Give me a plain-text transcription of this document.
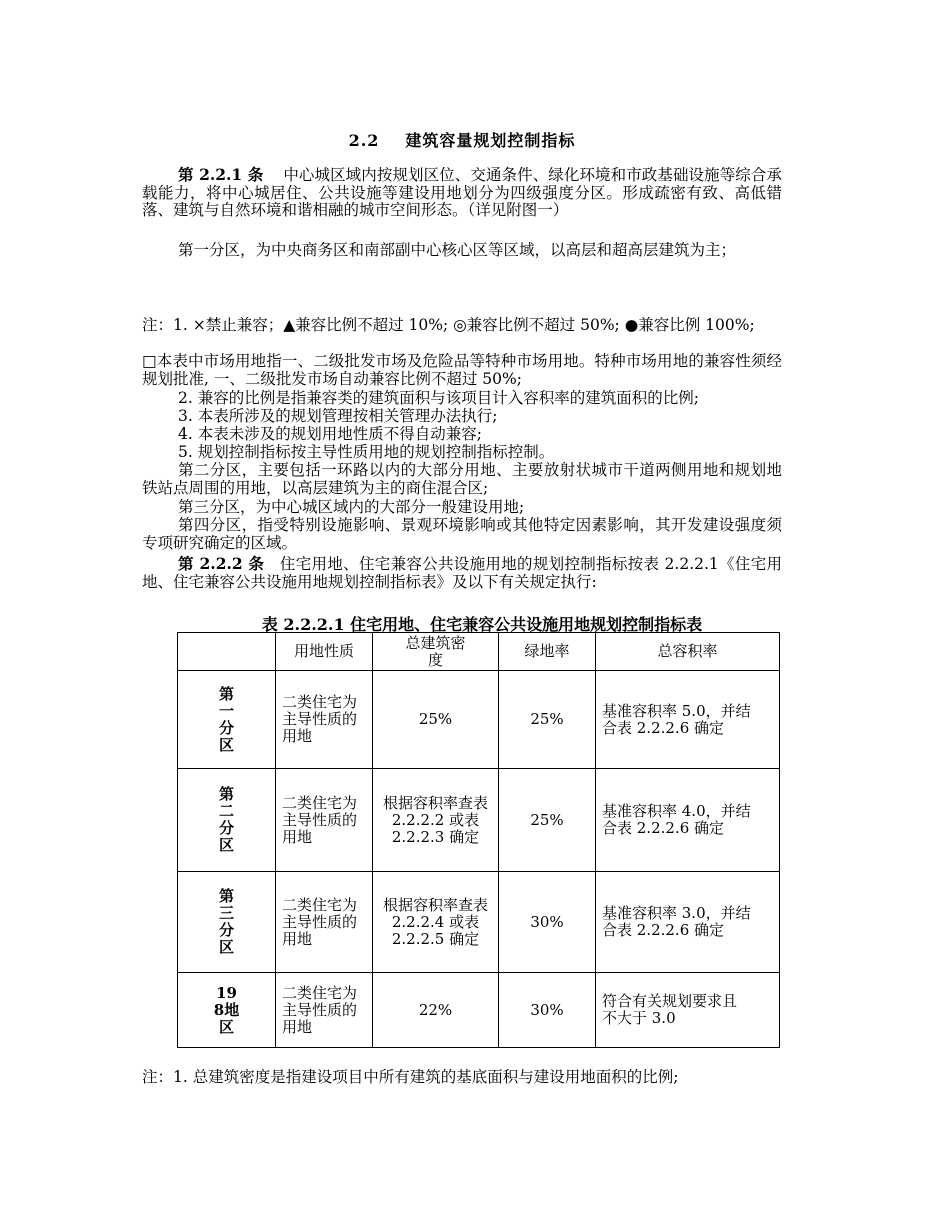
2.2 建筑容量规划控制指标
第 2.2.1 条 中心城区域内按规划区位、交通条件、绿化环境和市政基础设施等综合承载能力，将中心城居住、公共设施等建设用地划分为四级强度分区。形成疏密有致、高低错落、建筑与自然环境和谐相融的城市空间形态。（详见附图一）
第一分区，为中央商务区和南部副中心核心区等区域，以高层和超高层建筑为主；
注：1. ×禁止兼容；▲兼容比例不超过 10%; ◎兼容比例不超过 50%; ●兼容比例 100%;
□本表中市场用地指一、二级批发市场及危险品等特种市场用地。特种市场用地的兼容性须经规划批准, 一、二级批发市场自动兼容比例不超过 50%;
2. 兼容的比例是指兼容类的建筑面积与该项目计入容积率的建筑面积的比例;
3. 本表所涉及的规划管理按相关管理办法执行;
4. 本表未涉及的规划用地性质不得自动兼容;
5. 规划控制指标按主导性质用地的规划控制指标控制。
第二分区，主要包括一环路以内的大部分用地、主要放射状城市干道两侧用地和规划地铁站点周围的用地，以高层建筑为主的商住混合区;
第三分区，为中心城区域内的大部分一般建设用地;
第四分区，指受特别设施影响、景观环境影响或其他特定因素影响，其开发建设强度须专项研究确定的区域。
第 2.2.2 条 住宅用地、住宅兼容公共设施用地的规划控制指标按表 2.2.2.1《住宅用地、住宅兼容公共设施用地规划控制指标表》及以下有关规定执行:
表 2.2.2.1 住宅用地、住宅兼容公共设施用地规划控制指标表
	用地性质	总建筑密度	绿地率	总容积率
第一分区	二类住宅为主导性质的用地	25%	25%	基准容积率 5.0，并结合表 2.2.2.6 确定
第二分区	二类住宅为主导性质的用地	根据容积率查表 2.2.2.2 或表 2.2.2.3 确定	25%	基准容积率 4.0，并结合表 2.2.2.6 确定
第三分区	二类住宅为主导性质的用地	根据容积率查表 2.2.2.4 或表 2.2.2.5 确定	30%	基准容积率 3.0，并结合表 2.2.2.6 确定
198地区	二类住宅为主导性质的用地	22%	30%	符合有关规划要求且不大于 3.0
注：1. 总建筑密度是指建设项目中所有建筑的基底面积与建设用地面积的比例;
